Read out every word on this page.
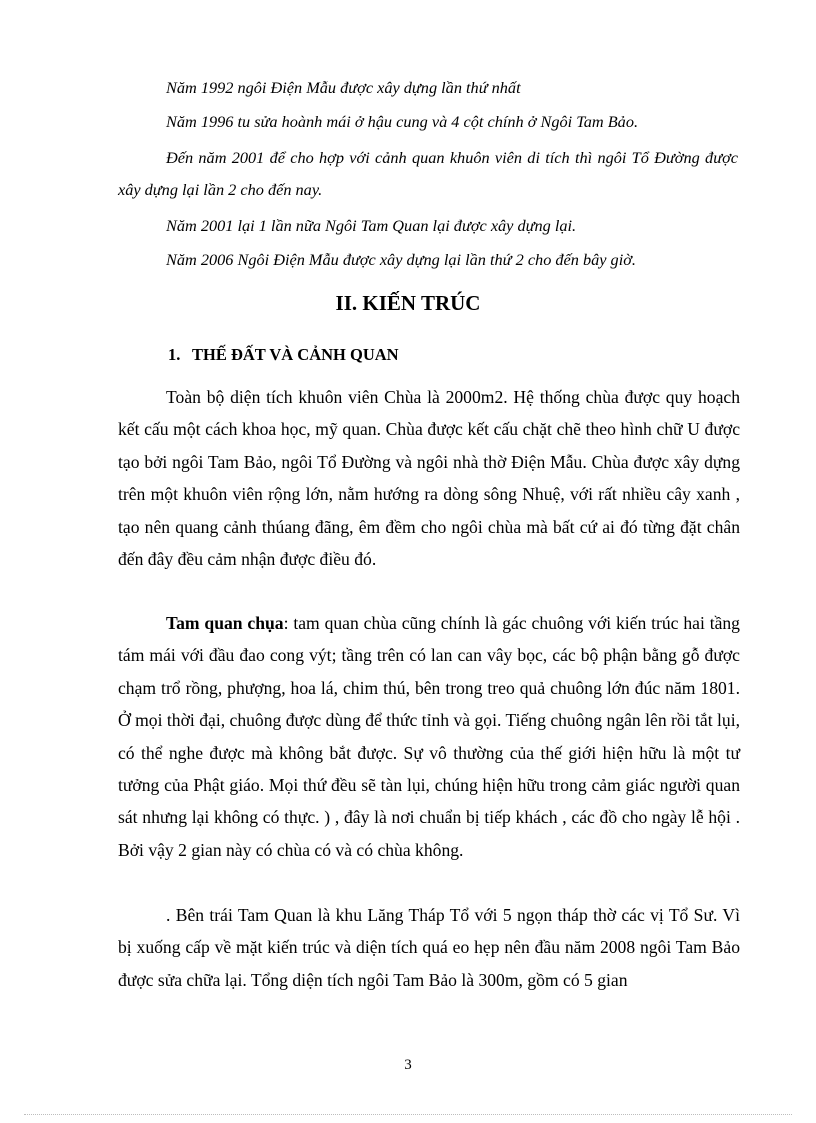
Năm 1992 ngôi Điện Mẫu được xây dựng lần thứ nhất
Năm 1996 tu sửa hoành mái ở hậu cung và 4 cột chính ở Ngôi Tam Bảo.
Đến năm 2001 để cho hợp với cảnh quan khuôn viên di tích thì ngôi Tổ Đường được xây dựng lại lần 2 cho đến nay.
Năm 2001 lại 1 lần nữa Ngôi Tam Quan lại được xây dựng lại.
Năm 2006 Ngôi Điện Mẫu được xây dựng lại lần thứ 2 cho đến bây giờ.
II. KIẾN TRÚC
1. THẾ ĐẤT VÀ CẢNH QUAN

Toàn bộ diện tích khuôn viên Chùa là 2000m2. Hệ thống chùa được quy hoạch kết cấu một cách khoa học, mỹ quan. Chùa được kết cấu chặt chẽ theo hình chữ U được tạo bởi ngôi Tam Bảo, ngôi Tổ Đường và ngôi nhà thờ Điện Mẫu. Chùa được xây dựng trên một khuôn viên rộng lớn, nằm hướng ra dòng sông Nhuệ, với rất nhiều cây xanh , tạo nên quang cảnh thúang đãng, êm đềm cho ngôi chùa mà bất cứ ai đó từng đặt chân đến đây đều cảm nhận được điều đó.

Tam quan chụa: tam quan chùa cũng chính là gác chuông với kiến trúc hai tầng tám mái với đầu đao cong výt; tầng trên có lan can vây bọc, các bộ phận bằng gỗ được chạm trổ rồng, phượng, hoa lá, chim thú, bên trong treo quả chuông lớn đúc năm 1801. Ở mọi thời đại, chuông được dùng để thức tỉnh và gọi. Tiếng chuông ngân lên rồi tắt lụi, có thể nghe được mà không bắt được. Sự vô thường của thế giới hiện hữu là một tư tưởng của Phật giáo. Mọi thứ đều sẽ tàn lụi, chúng hiện hữu trong cảm giác người quan sát nhưng lại không có thực. ) , đây là nơi chuẩn bị tiếp khách , các đồ cho ngày lễ hội . Bởi vậy 2 gian này có chùa có và có chùa không.

. Bên trái Tam Quan là khu Lăng Tháp Tổ với 5 ngọn tháp thờ các vị Tổ Sư. Vì bị xuống cấp về mặt kiến trúc và diện tích quá eo hẹp nên đầu năm 2008 ngôi Tam Bảo được sửa chữa lại. Tổng diện tích ngôi Tam Bảo là 300m, gồm có 5 gian

3
